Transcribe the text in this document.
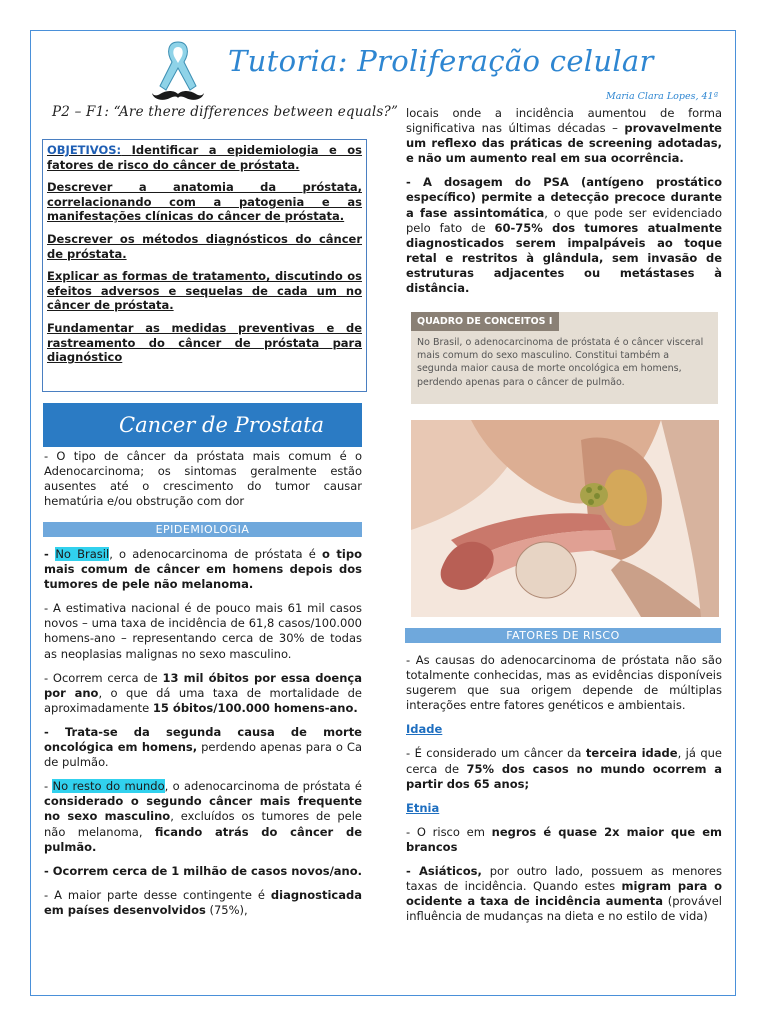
Tutoria: Proliferação celular
Maria Clara Lopes, 41ª
P2 – F1: “Are there differences between equals?”

OBJETIVOS: Identificar a epidemiologia e os fatores de risco do câncer de próstata.

Descrever a anatomia da próstata, correlacionando com a patogenia e as manifestações clínicas do câncer de próstata.

Descrever os métodos diagnósticos do câncer de próstata.

Explicar as formas de tratamento, discutindo os efeitos adversos e sequelas de cada um no câncer de próstata.

Fundamentar as medidas preventivas e de rastreamento do câncer de próstata para diagnóstico

Cancer de Prostata

- O tipo de câncer da próstata mais comum é o Adenocarcinoma; os sintomas geralmente estão ausentes até o crescimento do tumor causar hematúria e/ou obstrução com dor

EPIDEMIOLOGIA

- No Brasil, o adenocarcinoma de próstata é o tipo mais comum de câncer em homens depois dos tumores de pele não melanoma.

- A estimativa nacional é de pouco mais 61 mil casos novos – uma taxa de incidência de 61,8 casos/100.000 homens-ano – representando cerca de 30% de todas as neoplasias malignas no sexo masculino.

- Ocorrem cerca de 13 mil óbitos por essa doença por ano, o que dá uma taxa de mortalidade de aproximadamente 15 óbitos/100.000 homens-ano.

- Trata-se da segunda causa de morte oncológica em homens, perdendo apenas para o Ca de pulmão.

- No resto do mundo, o adenocarcinoma de próstata é considerado o segundo câncer mais frequente no sexo masculino, excluídos os tumores de pele não melanoma, ficando atrás do câncer de pulmão.

- Ocorrem cerca de 1 milhão de casos novos/ano.

- A maior parte desse contingente é diagnosticada em países desenvolvidos (75%),

locais onde a incidência aumentou de forma significativa nas últimas décadas – provavelmente um reflexo das práticas de screening adotadas, e não um aumento real em sua ocorrência.

- A dosagem do PSA (antígeno prostático específico) permite a detecção precoce durante a fase assintomática, o que pode ser evidenciado pelo fato de 60-75% dos tumores atualmente diagnosticados serem impalpáveis ao toque retal e restritos à glândula, sem invasão de estruturas adjacentes ou metástases à distância.

QUADRO DE CONCEITOS I
No Brasil, o adenocarcinoma de próstata é o câncer visceral mais comum do sexo masculino. Constitui também a segunda maior causa de morte oncológica em homens, perdendo apenas para o câncer de pulmão.
FATORES DE RISCO

- As causas do adenocarcinoma de próstata não são totalmente conhecidas, mas as evidências disponíveis sugerem que sua origem depende de múltiplas interações entre fatores genéticos e ambientais.

Idade

- É considerado um câncer da terceira idade, já que cerca de 75% dos casos no mundo ocorrem a partir dos 65 anos;

Etnia

- O risco em negros é quase 2x maior que em brancos

- Asiáticos, por outro lado, possuem as menores taxas de incidência. Quando estes migram para o ocidente a taxa de incidência aumenta (provável influência de mudanças na dieta e no estilo de vida)
